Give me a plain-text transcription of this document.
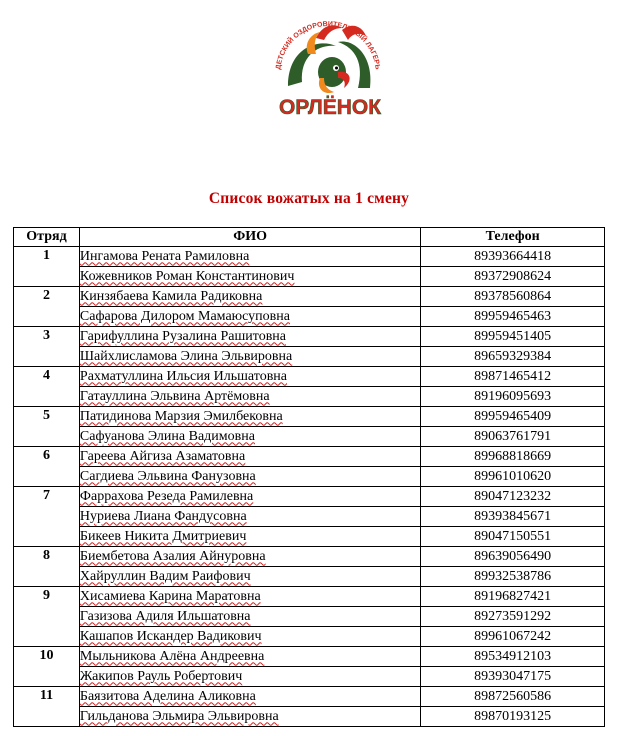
ДЕТСКИЙ ОЗДОРОВИТЕЛЬНЫЙ ЛАГЕРЬ
ОРЛЁНОК
Список вожатых на 1 смену
Отряд	ФИО	Телефон
1	Ингамова Рената Рамиловна	89393664418
	Кожевников Роман Константинович	89372908624
2	Кинзябаева Камила Радиковна	89378560864
	Сафарова Дилором Мамаюсуповна	89959465463
3	Гарифуллина Рузалина Рашитовна	89959451405
	Шайхлисламова Элина Эльвировна	89659329384
4	Рахматуллина Ильсия Ильшатовна	89871465412
	Гатауллина Эльвина Артёмовна	89196095693
5	Патидинова Марзия Эмилбековна	89959465409
	Сафуанова Элина Вадимовна	89063761791
6	Гареева Айгиза Азаматовна	89968818669
	Сагдиева Эльвина Фанузовна	89961010620
7	Фаррахова Резеда Рамилевна	89047123232
	Нуриева Лиана Фандусовна	89393845671
	Бикеев Никита Дмитриевич	89047150551
8	Биембетова Азалия Айнуровна	89639056490
	Хайруллин Вадим Раифович	89932538786
9	Хисамиева Карина Маратовна	89196827421
	Газизова Адиля Ильшатовна	89273591292
	Кашапов Искандер Вадикович	89961067242
10	Мыльникова Алёна Андреевна	89534912103
	Жакипов Рауль Робертович	89393047175
11	Баязитова Аделина Аликовна	89872560586
	Гильданова Эльмира Эльвировна	89870193125
